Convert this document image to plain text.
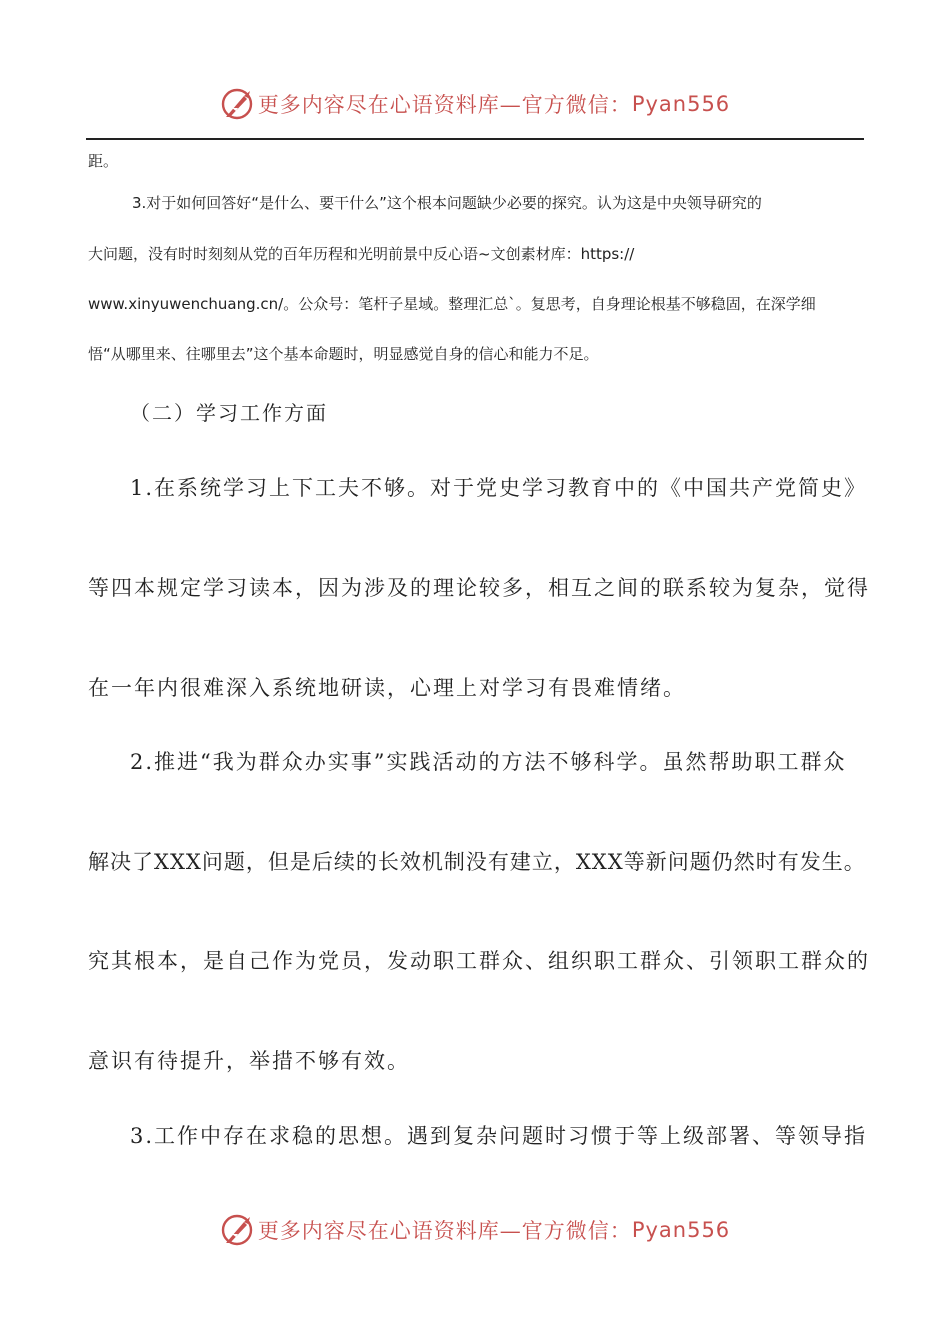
更多内容尽在心语资料库—官方微信： Pyan556
距。
3.对于如何回答好“是什么、要干什么”这个根本问题缺少必要的探究。认为这是中央领导研究的
大问题，没有时时刻刻从党的百年历程和光明前景中反心语~文创素材库：https://
www.xinyuwenchuang.cn/。公众号：笔杆子星域。整理汇总`。复思考，自身理论根基不够稳固，在深学细
悟“从哪里来、往哪里去”这个基本命题时，明显感觉自身的信心和能力不足。
（二）学习工作方面
1.在系统学习上下工夫不够。对于党史学习教育中的《中国共产党简史》
等四本规定学习读本，因为涉及的理论较多，相互之间的联系较为复杂，觉得
在一年内很难深入系统地研读，心理上对学习有畏难情绪。
2.推进“我为群众办实事”实践活动的方法不够科学。虽然帮助职工群众
解决了XXX问题，但是后续的长效机制没有建立，XXX等新问题仍然时有发生。
究其根本，是自己作为党员，发动职工群众、组织职工群众、引领职工群众的
意识有待提升，举措不够有效。
3.工作中存在求稳的思想。遇到复杂问题时习惯于等上级部署、等领导指
更多内容尽在心语资料库—官方微信： Pyan556
